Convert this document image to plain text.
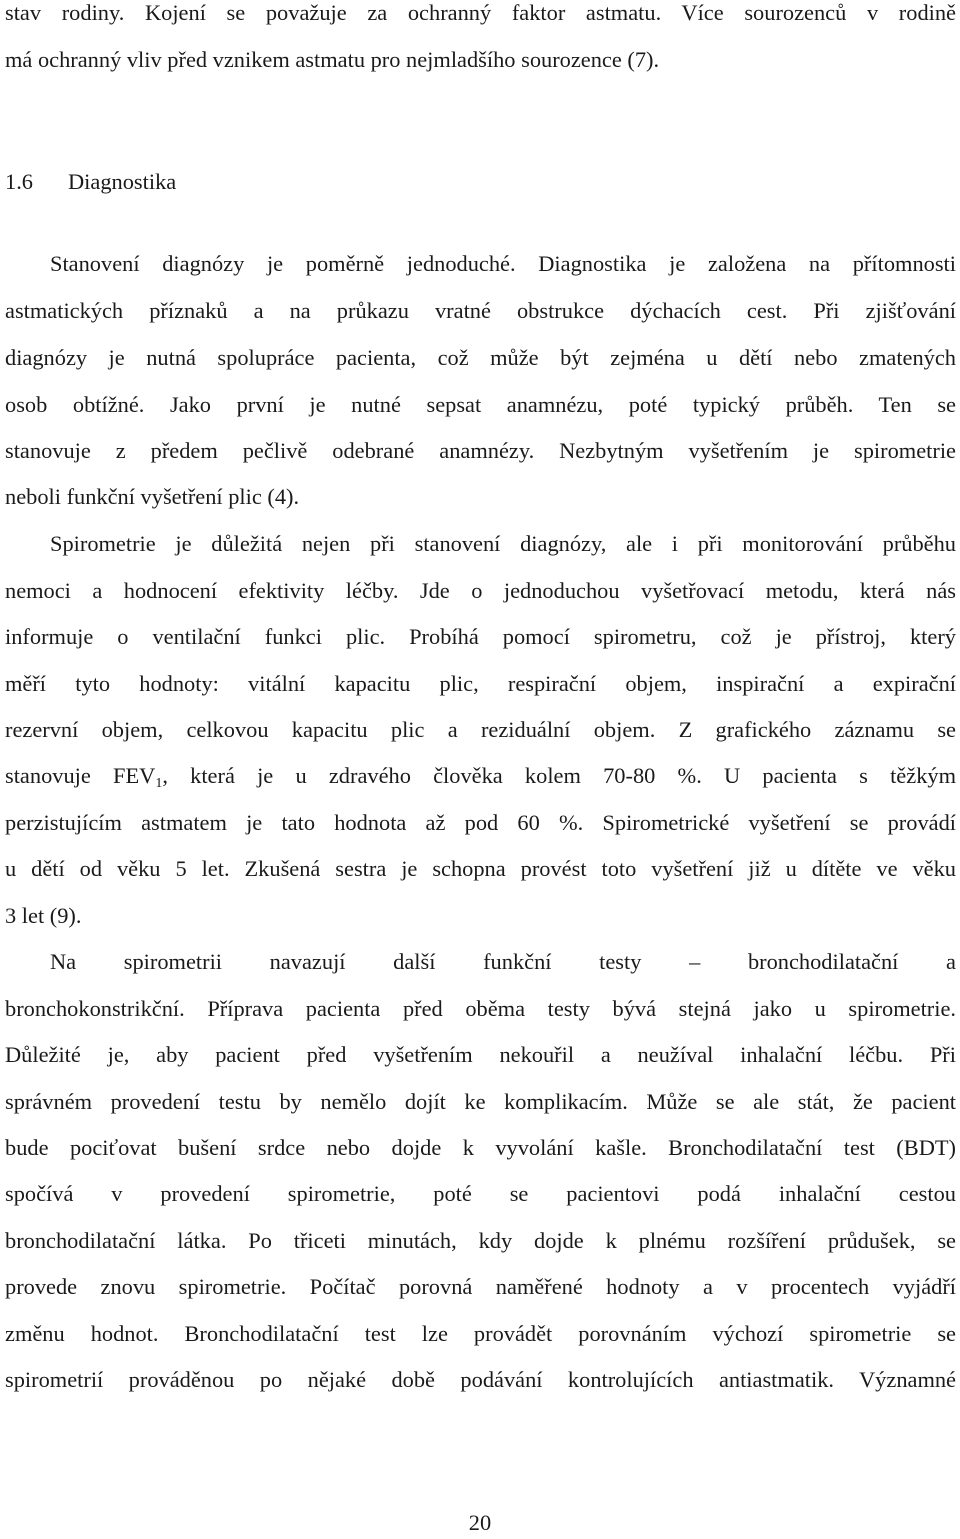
stav rodiny. Kojení se považuje za ochranný faktor astmatu. Více sourozenců v rodině
má ochranný vliv před vznikem astmatu pro nejmladšího sourozence (7).
1.6 Diagnostika
Stanovení diagnózy je poměrně jednoduché. Diagnostika je založena na přítomnosti
astmatických příznaků a na průkazu vratné obstrukce dýchacích cest. Při zjišťování
diagnózy je nutná spolupráce pacienta, což může být zejména u dětí nebo zmatených
osob obtížné. Jako první je nutné sepsat anamnézu, poté typický průběh. Ten se
stanovuje z předem pečlivě odebrané anamnézy. Nezbytným vyšetřením je spirometrie
neboli funkční vyšetření plic (4).
Spirometrie je důležitá nejen při stanovení diagnózy, ale i při monitorování průběhu
nemoci a hodnocení efektivity léčby. Jde o jednoduchou vyšetřovací metodu, která nás
informuje o ventilační funkci plic. Probíhá pomocí spirometru, což je přístroj, který
měří tyto hodnoty: vitální kapacitu plic, respirační objem, inspirační a expirační
rezervní objem, celkovou kapacitu plic a reziduální objem. Z grafického záznamu se
stanovuje $FEV_1$, která je u zdravého člověka kolem 70-80 %. U pacienta s těžkým
perzistujícím astmatem je tato hodnota až pod 60 %. Spirometrické vyšetření se provádí
u dětí od věku 5 let. Zkušená sestra je schopna provést toto vyšetření již u dítěte ve věku
3 let (9).
Na spirometrii navazují další funkční testy – bronchodilatační a
bronchokonstrikční. Příprava pacienta před oběma testy bývá stejná jako u spirometrie.
Důležité je, aby pacient před vyšetřením nekouřil a neužíval inhalační léčbu. Při
správném provedení testu by nemělo dojít ke komplikacím. Může se ale stát, že pacient
bude pociťovat bušení srdce nebo dojde k vyvolání kašle. Bronchodilatační test (BDT)
spočívá v provedení spirometrie, poté se pacientovi podá inhalační cestou
bronchodilatační látka. Po třiceti minutách, kdy dojde k plnému rozšíření průdušek, se
provede znovu spirometrie. Počítač porovná naměřené hodnoty a v procentech vyjádří
změnu hodnot. Bronchodilatační test lze provádět porovnáním výchozí spirometrie se
spirometrií prováděnou po nějaké době podávání kontrolujících antiastmatik. Významné
20
